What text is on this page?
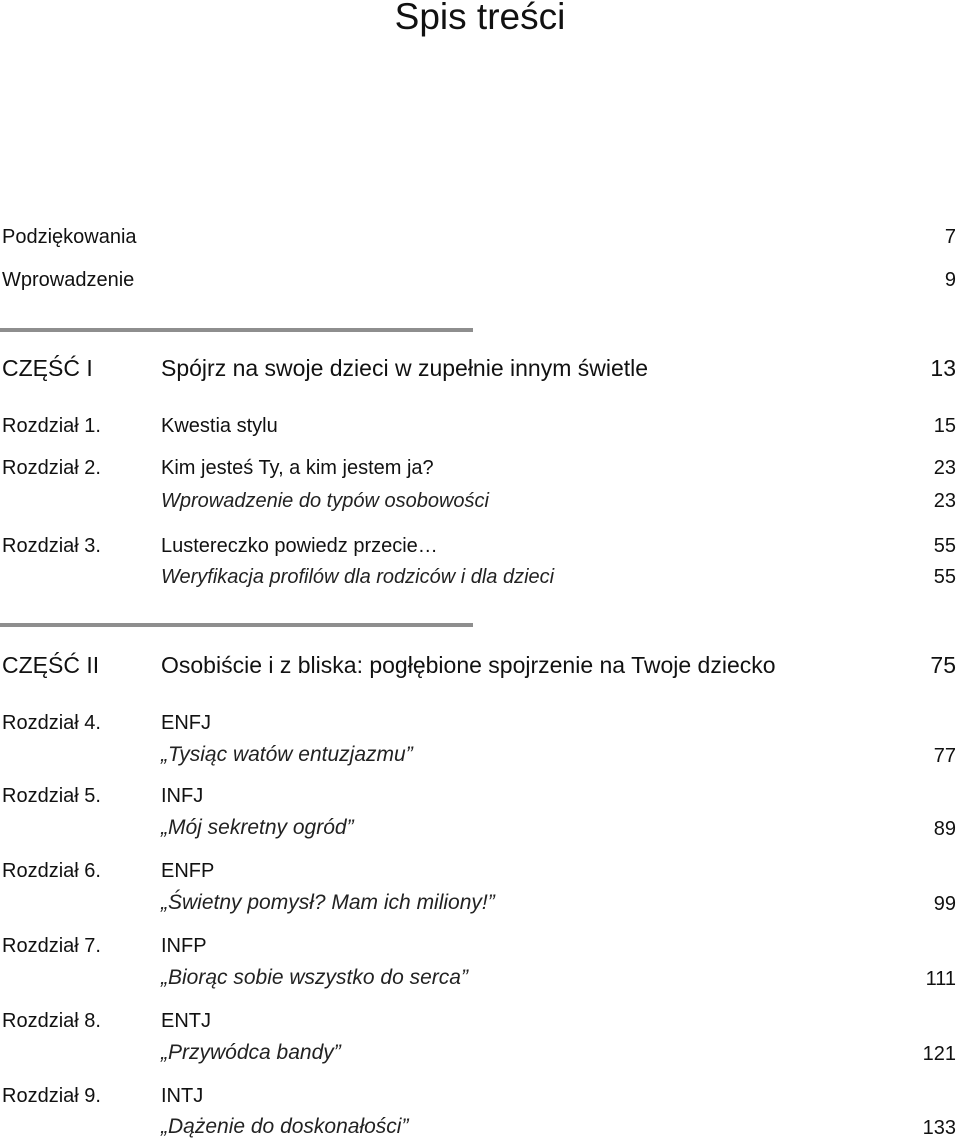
Spis treści
Podziękowania	7
Wprowadzenie	9
CZĘŚĆ I	Spójrz na swoje dzieci w zupełnie innym świetle	13
Rozdział 1.	Kwestia stylu	15
Rozdział 2.	Kim jesteś Ty, a kim jestem ja?	23
Wprowadzenie do typów osobowości	23
Rozdział 3.	Lustereczko powiedz przecie…	55
Weryfikacja profilów dla rodziców i dla dzieci	55
CZĘŚĆ II	Osobiście i z bliska: pogłębione spojrzenie na Twoje dziecko	75
Rozdział 4.	ENFJ
„Tysiąc watów entuzjazmu”	77
Rozdział 5.	INFJ
„Mój sekretny ogród”	89
Rozdział 6.	ENFP
„Świetny pomysł? Mam ich miliony!”	99
Rozdział 7.	INFP
„Biorąc sobie wszystko do serca”	111
Rozdział 8.	ENTJ
„Przywódca bandy”	121
Rozdział 9.	INTJ
„Dążenie do doskonałości”	133
